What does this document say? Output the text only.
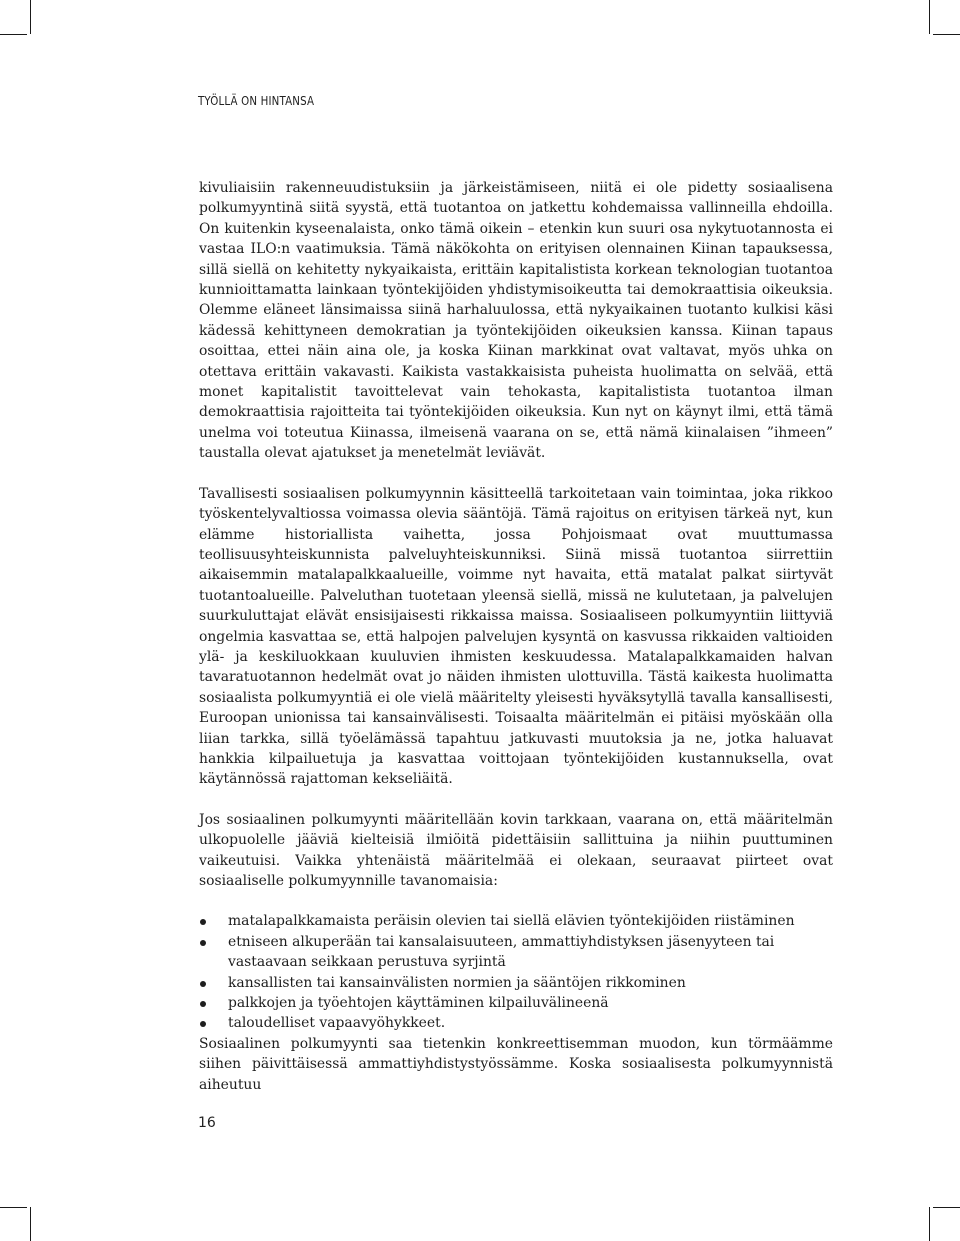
TYÖLLÄ ON HINTANSA

kivuliaisiin rakenneuudistuksiin ja järkeistämiseen, niitä ei ole pidetty sosiaalisena polkumyyntinä siitä syystä, että tuotantoa on jatkettu kohdemaissa vallinneilla ehdoilla. On kuitenkin kyseenalaista, onko tämä oikein – etenkin kun suuri osa nykytuotannosta ei vastaa ILO:n vaatimuksia. Tämä näkökohta on erityisen olennainen Kiinan tapauksessa, sillä siellä on kehitetty nykyaikaista, erittäin kapitalistista korkean teknologian tuotantoa kunnioittamatta lainkaan työntekijöiden yhdistymisoikeutta tai demokraattisia oikeuksia. Olemme eläneet länsimaissa siinä harhaluulossa, että nykyaikainen tuotanto kulkisi käsi kädessä kehittyneen demokratian ja työntekijöiden oikeuksien kanssa. Kiinan tapaus osoittaa, ettei näin aina ole, ja koska Kiinan markkinat ovat valtavat, myös uhka on otettava erittäin vakavasti. Kaikista vastakkaisista puheista huolimatta on selvää, että monet kapitalistit tavoittelevat vain tehokasta, kapitalistista tuotantoa ilman demokraattisia rajoitteita tai työntekijöiden oikeuksia. Kun nyt on käynyt ilmi, että tämä unelma voi toteutua Kiinassa, ilmeisenä vaarana on se, että nämä kiinalaisen ”ihmeen” taustalla olevat ajatukset ja menetelmät leviävät.

Tavallisesti sosiaalisen polkumyynnin käsitteellä tarkoitetaan vain toimintaa, joka rikkoo työskentelyvaltiossa voimassa olevia sääntöjä. Tämä rajoitus on erityisen tärkeä nyt, kun elämme historiallista vaihetta, jossa Pohjoismaat ovat muuttumassa teollisuusyhteiskunnista palveluyhteiskunniksi. Siinä missä tuotantoa siirrettiin aikaisemmin matalapalkkaalueille, voimme nyt havaita, että matalat palkat siirtyvät tuotantoalueille. Palveluthan tuotetaan yleensä siellä, missä ne kulutetaan, ja palvelujen suurkuluttajat elävät ensisijaisesti rikkaissa maissa. Sosiaaliseen polkumyyntiin liittyviä ongelmia kasvattaa se, että halpojen palvelujen kysyntä on kasvussa rikkaiden valtioiden ylä- ja keskiluokkaan kuuluvien ihmisten keskuudessa. Matalapalkkamaiden halvan tavaratuotannon hedelmät ovat jo näiden ihmisten ulottuvilla. Tästä kaikesta huolimatta sosiaalista polkumyyntiä ei ole vielä määritelty yleisesti hyväksytyllä tavalla kansallisesti, Euroopan unionissa tai kansainvälisesti. Toisaalta määritelmän ei pitäisi myöskään olla liian tarkka, sillä työelämässä tapahtuu jatkuvasti muutoksia ja ne, jotka haluavat hankkia kilpailuetuja ja kasvattaa voittojaan työntekijöiden kustannuksella, ovat käytännössä rajattoman kekseliäitä.

Jos sosiaalinen polkumyynti määritellään kovin tarkkaan, vaarana on, että määritelmän ulkopuolelle jääviä kielteisiä ilmiöitä pidettäisiin sallittuina ja niihin puuttuminen vaikeutuisi. Vaikka yhtenäistä määritelmää ei olekaan, seuraavat piirteet ovat sosiaaliselle polkumyynnille tavanomaisia:

matalapalkkamaista peräisin olevien tai siellä elävien työntekijöiden riistäminen
etniseen alkuperään tai kansalaisuuteen, ammattiyhdistyksen jäsenyyteen tai vastaavaan seikkaan perustuva syrjintä
kansallisten tai kansainvälisten normien ja sääntöjen rikkominen
palkkojen ja työehtojen käyttäminen kilpailuvälineenä
taloudelliset vapaavyöhykkeet.

Sosiaalinen polkumyynti saa tietenkin konkreettisemman muodon, kun törmäämme siihen päivittäisessä ammattiyhdistystyössämme. Koska sosiaalisesta polkumyynnistä aiheutuu

16
